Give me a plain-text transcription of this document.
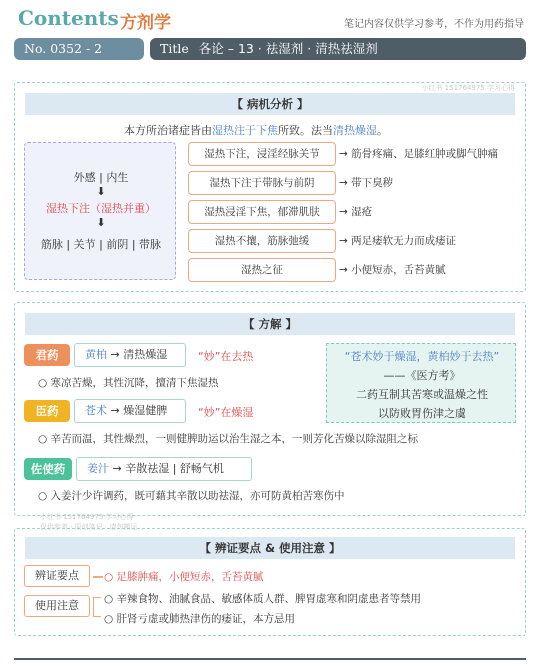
Contents 方剂学	笔记内容仅供学习参考，不作为用药指导
No. 0352 - 2	Title 各论 – 13 · 祛湿剂 · 清热祛湿剂
小红书 151764975 学习心得
【 病机分析 】
本方所治诸症皆由湿热注于下焦所致。法当清热燥湿。
外感 | 内生
⬇
湿热下注（湿热并重）
⬇
筋脉 | 关节 | 前阴 | 带脉
湿热下注，浸淫经脉关节	→ 筋骨疼痛、足膝红肿或脚气肿痛
湿热下注于带脉与前阴	→ 带下臭秽
湿热浸淫下焦，郁滞肌肤	→ 湿疮
湿热不攘，筋脉弛缓	→ 两足痿软无力而成痿证
湿热之征	→ 小便短赤，舌苔黄腻
【 方解 】
君药	黄柏 → 清热燥湿	“妙”在去热
○ 寒凉苦燥，其性沉降，擅清下焦湿热
臣药	苍术 → 燥湿健脾	“妙”在燥湿
○ 辛苦而温，其性燥烈，一则健脾助运以治生湿之本，一则芳化苦燥以除湿阻之标
佐使药	姜汁 → 辛散祛湿 | 舒畅气机
○ 入姜汁少许调药，既可藉其辛散以助祛湿，亦可防黄柏苦寒伤中
“苍术妙于燥湿，黄柏妙于去热”
——《医方考》
二药互制其苦寒或温燥之性
以防败胃伤津之虞
小红书 151764975 学习心得
仅供参考 · 原创笔记 · 请勿搬运
【 辨证要点 & 使用注意 】
辨证要点	○ 足膝肿痛，小便短赤，舌苔黄腻
使用注意	○ 辛辣食物、油腻食品、敏感体质人群、脾胃虚寒和阴虚患者等禁用
○ 肝肾亏虚或肺热津伤的痿证，本方忌用
